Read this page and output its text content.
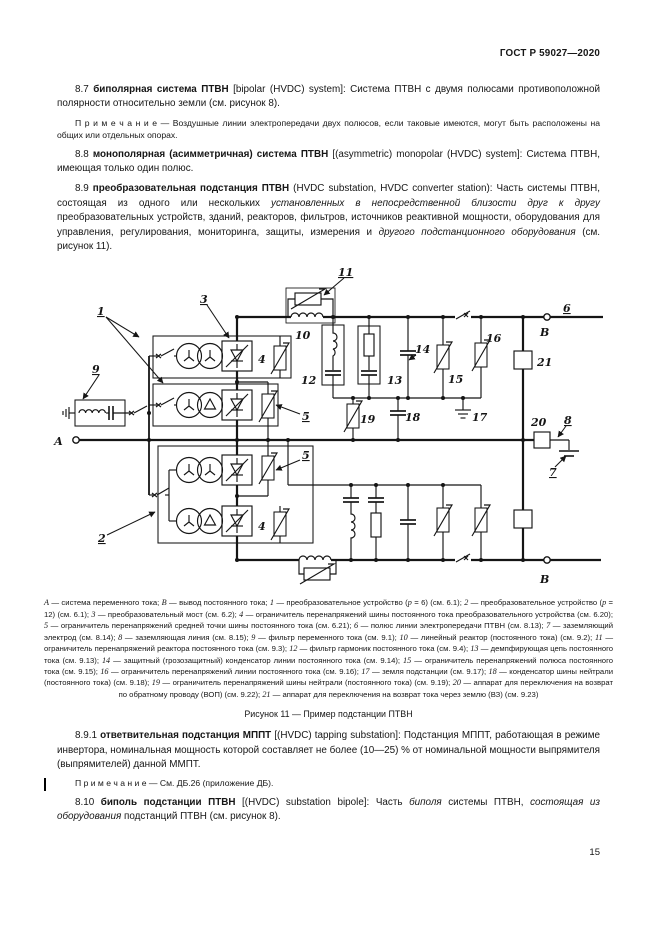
ГОСТ Р 59027—2020

8.7 биполярная система ПТВН [bipolar (HVDC) system]: Система ПТВН с двумя полюсами противоположной полярности относительно земли (см. рисунок 8).

П р и м е ч а н и е — Воздушные линии электропередачи двух полюсов, если таковые имеются, могут быть расположены на общих или отдельных опорах.

8.8 монополярная (асимметричная) система ПТВН [(asymmetric) monopolar (HVDC) system]: Система ПТВН, имеющая только один полюс.

8.9 преобразовательная подстанция ПТВН (HVDC substation, HVDC converter station): Часть системы ПТВН, состоящая из одного или нескольких установленных в непосредственной близости друг к другу преобразовательных устройств, зданий, реакторов, фильтров, источников реактивной мощности, оборудования для управления, регулирования, мониторинга, защиты, измерения и другого подстанционного оборудования (см. рисунок 11).

А
1
9
3
2
11
10
12	13
14
15
16
21
19	18	17	20 8
7
6
В
В
4
4
5
5

А — система переменного тока; В — вывод постоянного тока; 1 — преобразовательное устройство (p = 6) (см. 6.1); 2 — преобразовательное устройство (p = 12) (см. 6.1); 3 — преобразовательный мост (см. 6.2); 4 — ограничитель перенапряжений шины постоянного тока преобразовательного устройства (см. 6.20); 5 — ограничитель перенапряжений средней точки шины постоянного тока (см. 6.21); 6 — полюс линии электропередачи ПТВН (см. 8.13); 7 — заземляющий электрод (см. 8.14); 8 — заземляющая линия (см. 8.15); 9 — фильтр переменного тока (см. 9.1); 10 — линейный реактор (постоянного тока) (см. 9.2); 11 — ограничитель перенапряжений реактора постоянного тока (см. 9.3); 12 — фильтр гармоник постоянного тока (см. 9.4); 13 — демпфирующая цепь постоянного тока (см. 9.13); 14 — защитный (грозозащитный) конденсатор линии постоянного тока (см. 9.14); 15 — ограничитель перенапряжений полюса постоянного тока (см. 9.15); 16 — ограничитель перенапряжений линии постоянного тока (см. 9.16); 17 — земля подстанции (см. 9.17); 18 — конденсатор шины нейтрали (постоянного тока) (см. 9.18); 19 — ограничитель перенапряжений шины нейтрали (постоянного тока) (см. 9.19); 20 — аппарат для переключения на возврат по обратному проводу (ВОП) (см. 9.22); 21 — аппарат для переключения на возврат тока через землю (ВЗ) (см. 9.23)

Рисунок 11 — Пример подстанции ПТВН

8.9.1 ответвительная подстанция МППТ [(HVDC) tapping substation]: Подстанция МППТ, работающая в режиме инвертора, номинальная мощность которой составляет не более (10—25) % от номинальной мощности выпрямителя (выпрямителей) данной ММПТ.

П р и м е ч а н и е — См. ДБ.26 (приложение ДБ).

8.10 биполь подстанции ПТВН [(HVDC) substation bipole]: Часть биполя системы ПТВН, состоящая из оборудования подстанций ПТВН (см. рисунок 8).

15
